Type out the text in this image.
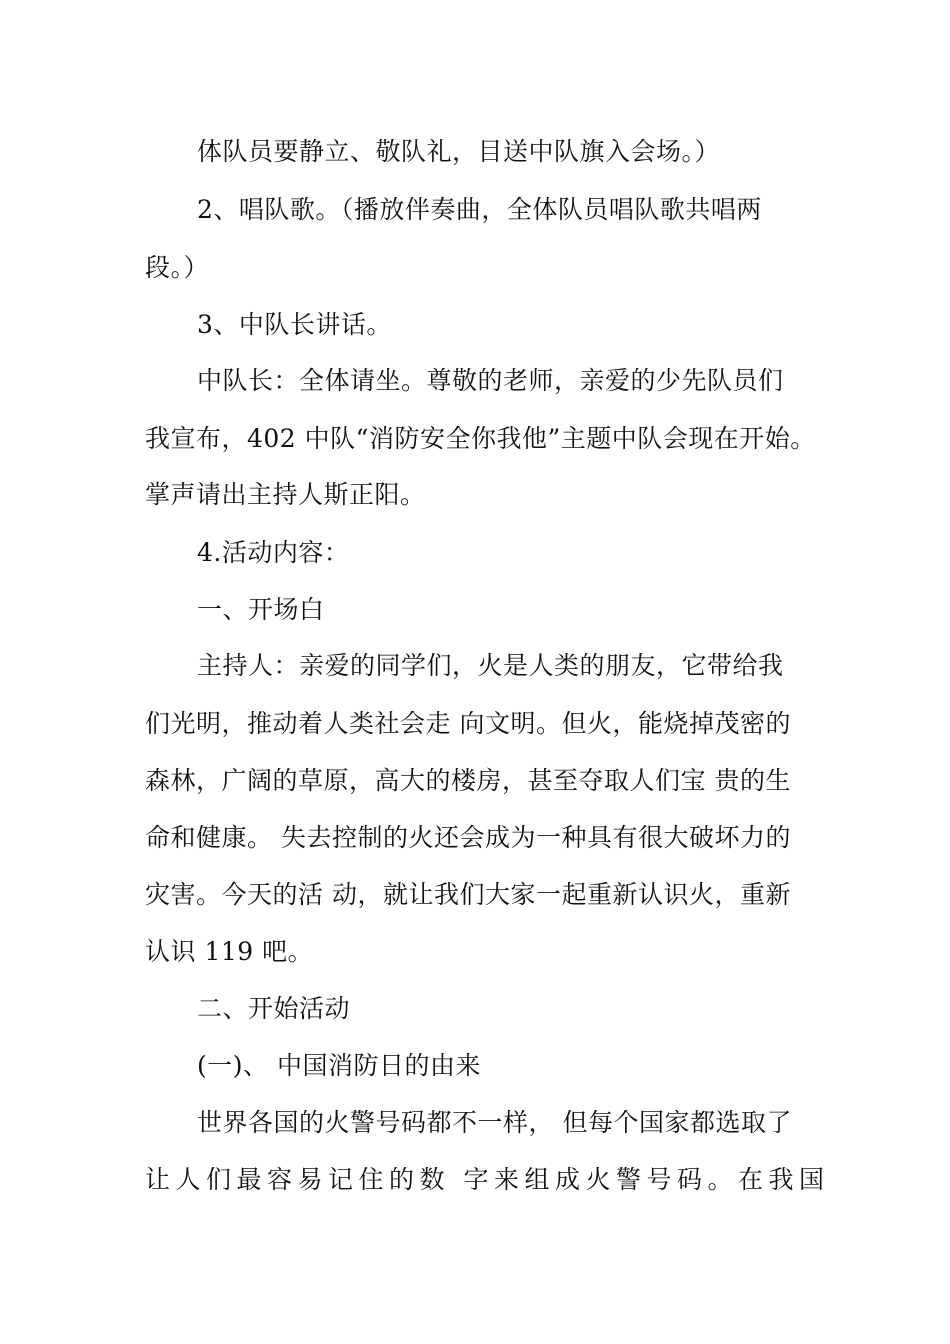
体队员要静立、敬队礼，目送中队旗入会场。）
2、唱队歌。（播放伴奏曲，全体队员唱队歌共唱两
段。）
3、中队长讲话。
中队长：全体请坐。尊敬的老师，亲爱的少先队员们
我宣布，402 中队“消防安全你我他”主题中队会现在开始。
掌声请出主持人斯正阳。
4.活动内容：
一、开场白
主持人：亲爱的同学们，火是人类的朋友，它带给我
们光明，推动着人类社会走 向文明。但火，能烧掉茂密的
森林，广阔的草原，高大的楼房，甚至夺取人们宝 贵的生
命和健康。 失去控制的火还会成为一种具有很大破坏力的
灾害。今天的活 动，就让我们大家一起重新认识火，重新
认识 119 吧。
二、开始活动
(一)、 中国消防日的由来
世界各国的火警号码都不一样， 但每个国家都选取了
让人们最容易记住的数 字来组成火警号码。在我国
